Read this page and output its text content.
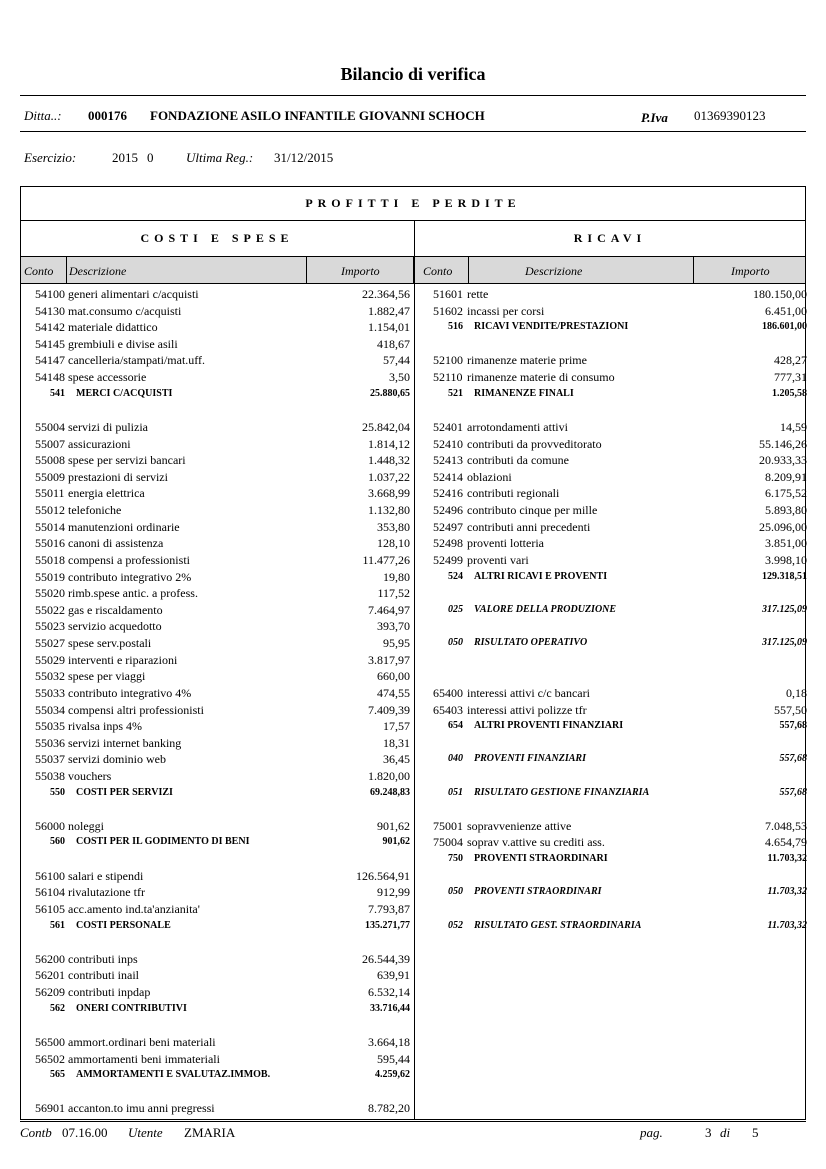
Bilancio di verifica
Ditta..: 000176 FONDAZIONE ASILO INFANTILE GIOVANNI SCHOCH	P.Iva 01369390123
Esercizio:	2015 0	Ultima Reg.: 31/12/2015
PROFITTI E PERDITE
COSTI E SPESE	RICAVI
Conto Descrizione	Importo	Conto	Descrizione	Importo
54100 generi alimentari c/acquisti	22.364,56
54130 mat.consumo c/acquisti	1.882,47
54142 materiale didattico	1.154,01
54145 grembiuli e divise asili	418,67
54147 cancelleria/stampati/mat.uff.	57,44
54148 spese accessorie	3,50
541 MERCI C/ACQUISTI	25.880,65
55004 servizi di pulizia	25.842,04
55007 assicurazioni	1.814,12
55008 spese per servizi bancari	1.448,32
55009 prestazioni di servizi	1.037,22
55011 energia elettrica	3.668,99
55012 telefoniche	1.132,80
55014 manutenzioni ordinarie	353,80
55016 canoni di assistenza	128,10
55018 compensi a professionisti	11.477,26
55019 contributo integrativo 2%	19,80
55020 rimb.spese antic. a profess.	117,52
55022 gas e riscaldamento	7.464,97
55023 servizio acquedotto	393,70
55027 spese serv.postali	95,95
55029 interventi e riparazioni	3.817,97
55032 spese per viaggi	660,00
55033 contributo integrativo 4%	474,55
55034 compensi altri professionisti	7.409,39
55035 rivalsa inps 4%	17,57
55036 servizi internet banking	18,31
55037 servizi dominio web	36,45
55038 vouchers	1.820,00
550 COSTI PER SERVIZI	69.248,83
56000 noleggi	901,62
560 COSTI PER IL GODIMENTO DI BENI	901,62
56100 salari e stipendi	126.564,91
56104 rivalutazione tfr	912,99
56105 acc.amento ind.ta'anzianita'	7.793,87
561 COSTI PERSONALE	135.271,77
56200 contributi inps	26.544,39
56201 contributi inail	639,91
56209 contributi inpdap	6.532,14
562 ONERI CONTRIBUTIVI	33.716,44
56500 ammort.ordinari beni materiali	3.664,18
56502 ammortamenti beni immateriali	595,44
565 AMMORTAMENTI E SVALUTAZ.IMMOB.	4.259,62
56901 accanton.to imu anni pregressi	8.782,20
51601 rette	180.150,00
51602 incassi per corsi	6.451,00
516 RICAVI VENDITE/PRESTAZIONI	186.601,00
52100 rimanenze materie prime	428,27
52110 rimanenze materie di consumo	777,31
521 RIMANENZE FINALI	1.205,58
52401 arrotondamenti attivi	14,59
52410 contributi da provveditorato	55.146,26
52413 contributi da comune	20.933,33
52414 oblazioni	8.209,91
52416 contributi regionali	6.175,52
52496 contributo cinque per mille	5.893,80
52497 contributi anni precedenti	25.096,00
52498 proventi lotteria	3.851,00
52499 proventi vari	3.998,10
524 ALTRI RICAVI E PROVENTI	129.318,51
025 VALORE DELLA PRODUZIONE	317.125,09
050 RISULTATO OPERATIVO	317.125,09
65400 interessi attivi c/c bancari	0,18
65403 interessi attivi polizze tfr	557,50
654 ALTRI PROVENTI FINANZIARI	557,68
040 PROVENTI FINANZIARI	557,68
051 RISULTATO GESTIONE FINANZIARIA	557,68
75001 sopravvenienze attive	7.048,53
75004 soprav v.attive su crediti ass.	4.654,79
750 PROVENTI STRAORDINARI	11.703,32
050 PROVENTI STRAORDINARI	11.703,32
052 RISULTATO GEST. STRAORDINARIA	11.703,32
Contb 07.16.00 Utente ZMARIA	pag.	3 di 5
